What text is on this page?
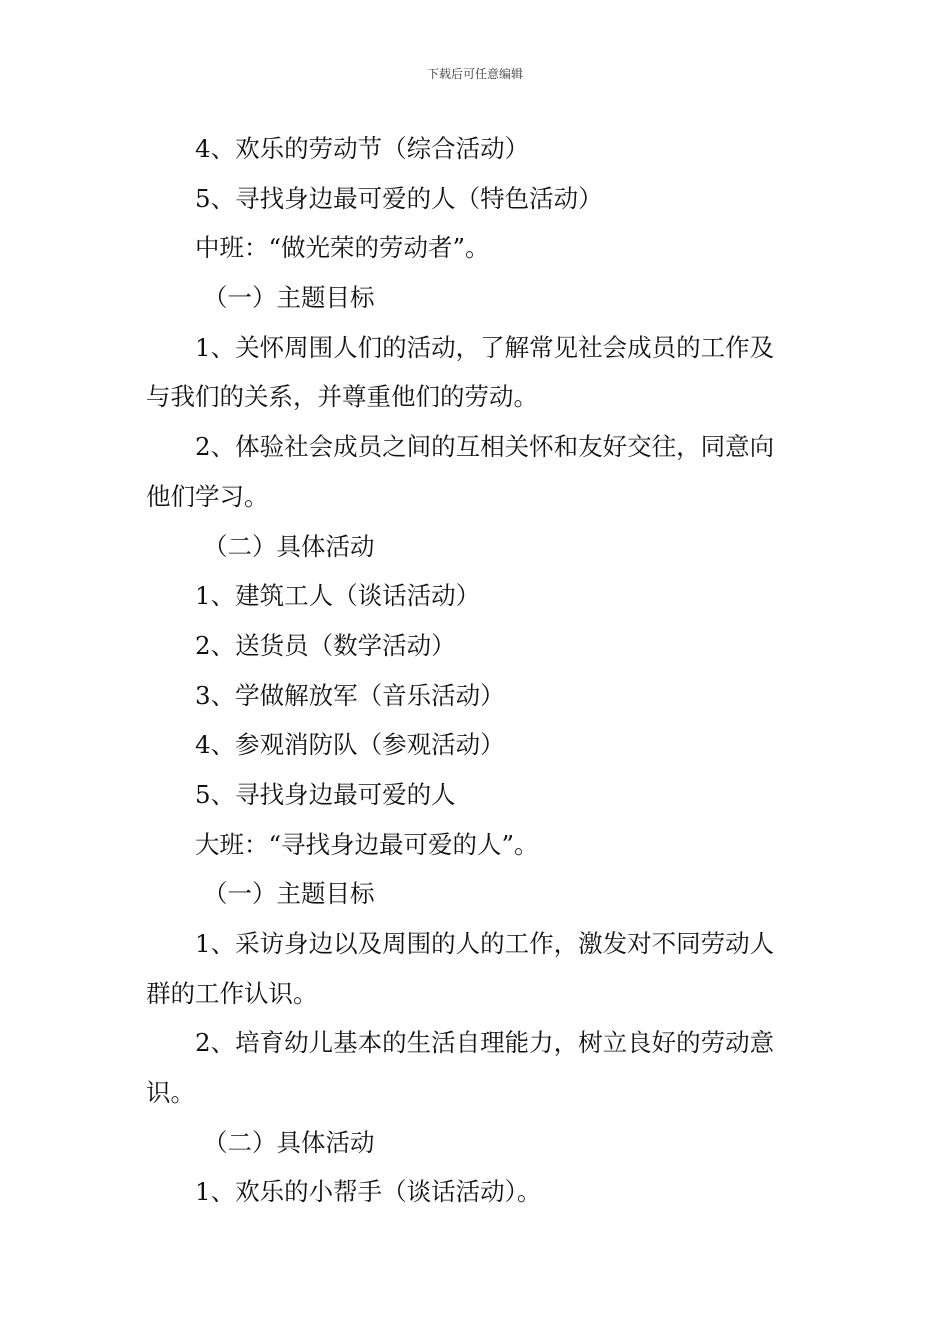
下载后可任意编辑
4、欢乐的劳动节（综合活动）
5、寻找身边最可爱的人（特色活动）
中班：“做光荣的劳动者”。
（一）主题目标
1、关怀周围人们的活动，了解常见社会成员的工作及
与我们的关系，并尊重他们的劳动。
2、体验社会成员之间的互相关怀和友好交往，同意向
他们学习。
（二）具体活动
1、建筑工人（谈话活动）
2、送货员（数学活动）
3、学做解放军（音乐活动）
4、参观消防队（参观活动）
5、寻找身边最可爱的人
大班：“寻找身边最可爱的人”。
（一）主题目标
1、采访身边以及周围的人的工作，激发对不同劳动人
群的工作认识。
2、培育幼儿基本的生活自理能力，树立良好的劳动意
识。
（二）具体活动
1、欢乐的小帮手（谈话活动）。
